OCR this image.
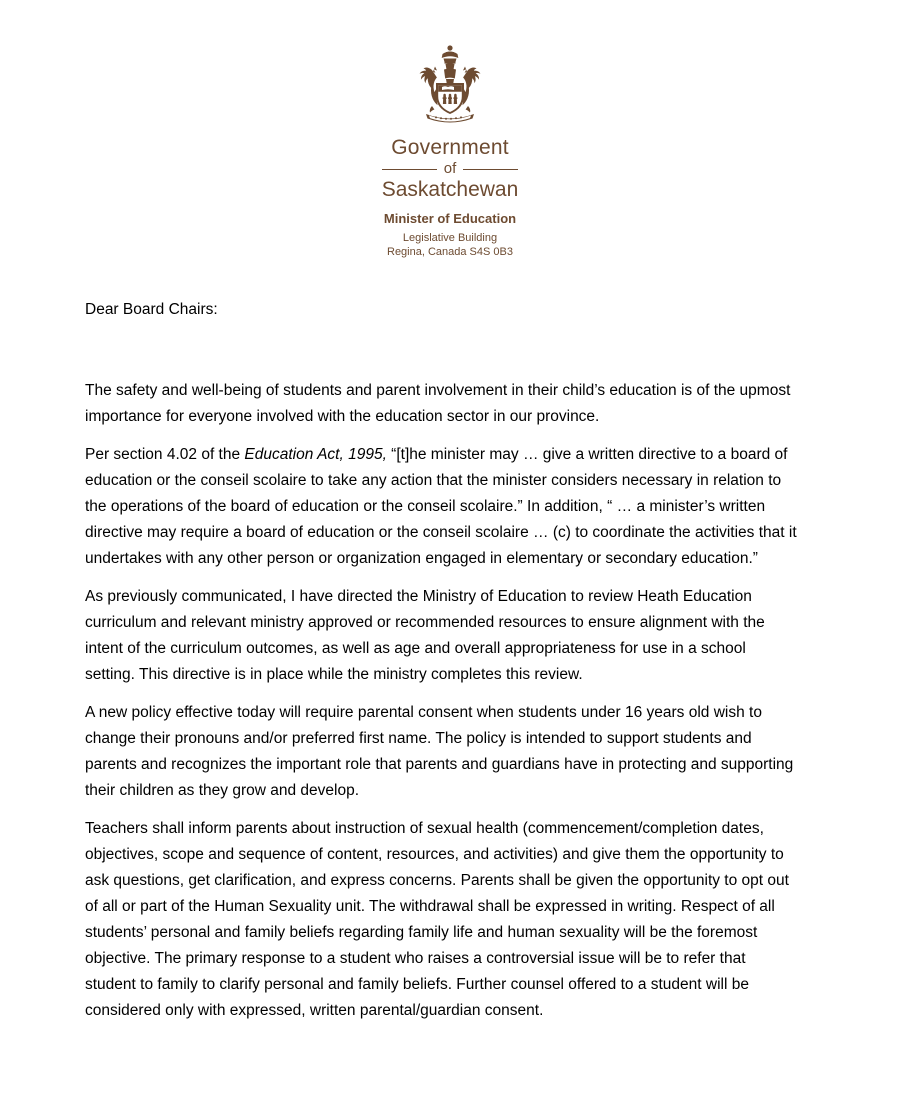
Government
of
Saskatchewan
Minister of Education
Legislative Building
Regina, Canada S4S 0B3

Dear Board Chairs:

The safety and well-being of students and parent involvement in their child’s education is of the upmost importance for everyone involved with the education sector in our province.

Per section 4.02 of the Education Act, 1995, “[t]he minister may … give a written directive to a board of education or the conseil scolaire to take any action that the minister considers necessary in relation to the operations of the board of education or the conseil scolaire.” In addition, “ … a minister’s written directive may require a board of education or the conseil scolaire … (c) to coordinate the activities that it undertakes with any other person or organization engaged in elementary or secondary education.”

As previously communicated, I have directed the Ministry of Education to review Heath Education curriculum and relevant ministry approved or recommended resources to ensure alignment with the intent of the curriculum outcomes, as well as age and overall appropriateness for use in a school setting. This directive is in place while the ministry completes this review.

A new policy effective today will require parental consent when students under 16 years old wish to change their pronouns and/or preferred first name. The policy is intended to support students and parents and recognizes the important role that parents and guardians have in protecting and supporting their children as they grow and develop.

Teachers shall inform parents about instruction of sexual health (commencement/completion dates, objectives, scope and sequence of content, resources, and activities) and give them the opportunity to ask questions, get clarification, and express concerns. Parents shall be given the opportunity to opt out of all or part of the Human Sexuality unit. The withdrawal shall be expressed in writing. Respect of all students’ personal and family beliefs regarding family life and human sexuality will be the foremost objective. The primary response to a student who raises a controversial issue will be to refer that student to family to clarify personal and family beliefs. Further counsel offered to a student will be considered only with expressed, written parental/guardian consent.
